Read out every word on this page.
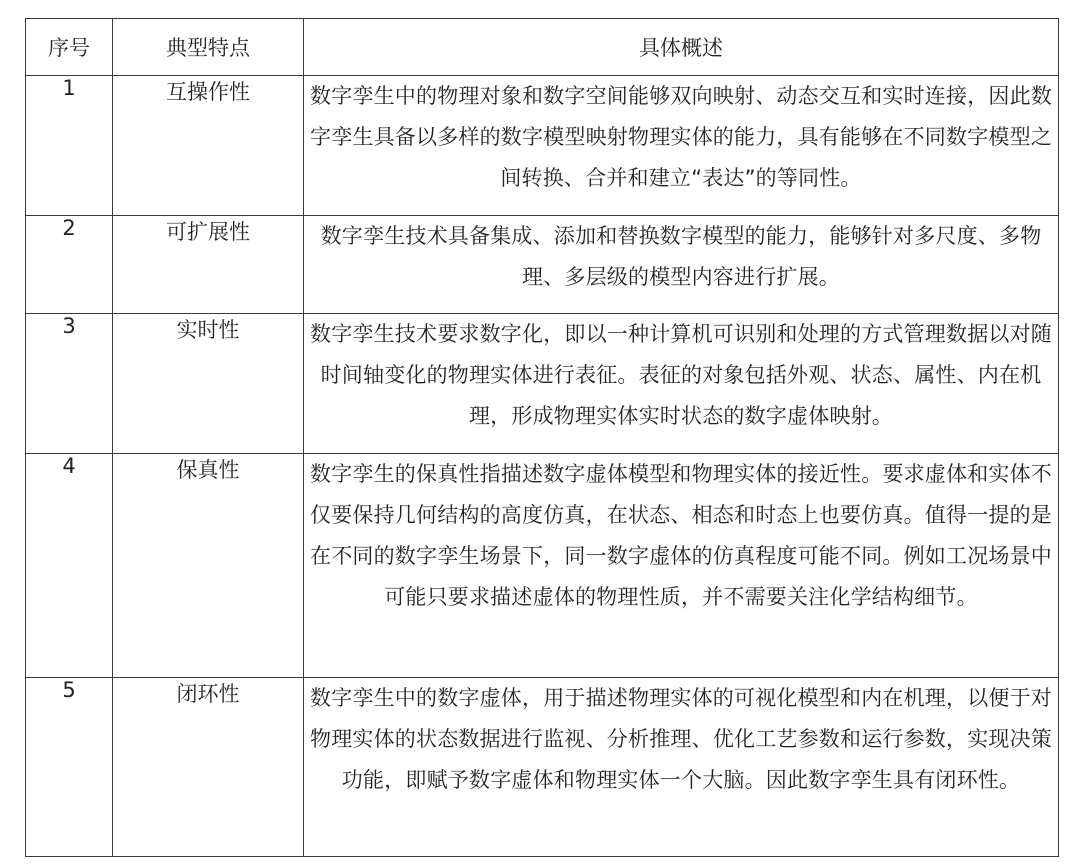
序号	典型特点	具体概述
1	互操作性	数字孪生中的物理对象和数字空间能够双向映射、动态交互和实时连接，因此数字孪生具备以多样的数字模型映射物理实体的能力，具有能够在不同数字模型之间转换、合并和建立“表达”的等同性。
2	可扩展性	数字孪生技术具备集成、添加和替换数字模型的能力，能够针对多尺度、多物理、多层级的模型内容进行扩展。
3	实时性	数字孪生技术要求数字化，即以一种计算机可识别和处理的方式管理数据以对随时间轴变化的物理实体进行表征。表征的对象包括外观、状态、属性、内在机理，形成物理实体实时状态的数字虚体映射。
4	保真性	数字孪生的保真性指描述数字虚体模型和物理实体的接近性。要求虚体和实体不仅要保持几何结构的高度仿真，在状态、相态和时态上也要仿真。值得一提的是在不同的数字孪生场景下，同一数字虚体的仿真程度可能不同。例如工况场景中可能只要求描述虚体的物理性质，并不需要关注化学结构细节。
5	闭环性	数字孪生中的数字虚体，用于描述物理实体的可视化模型和内在机理，以便于对物理实体的状态数据进行监视、分析推理、优化工艺参数和运行参数，实现决策功能，即赋予数字虚体和物理实体一个大脑。因此数字孪生具有闭环性。
